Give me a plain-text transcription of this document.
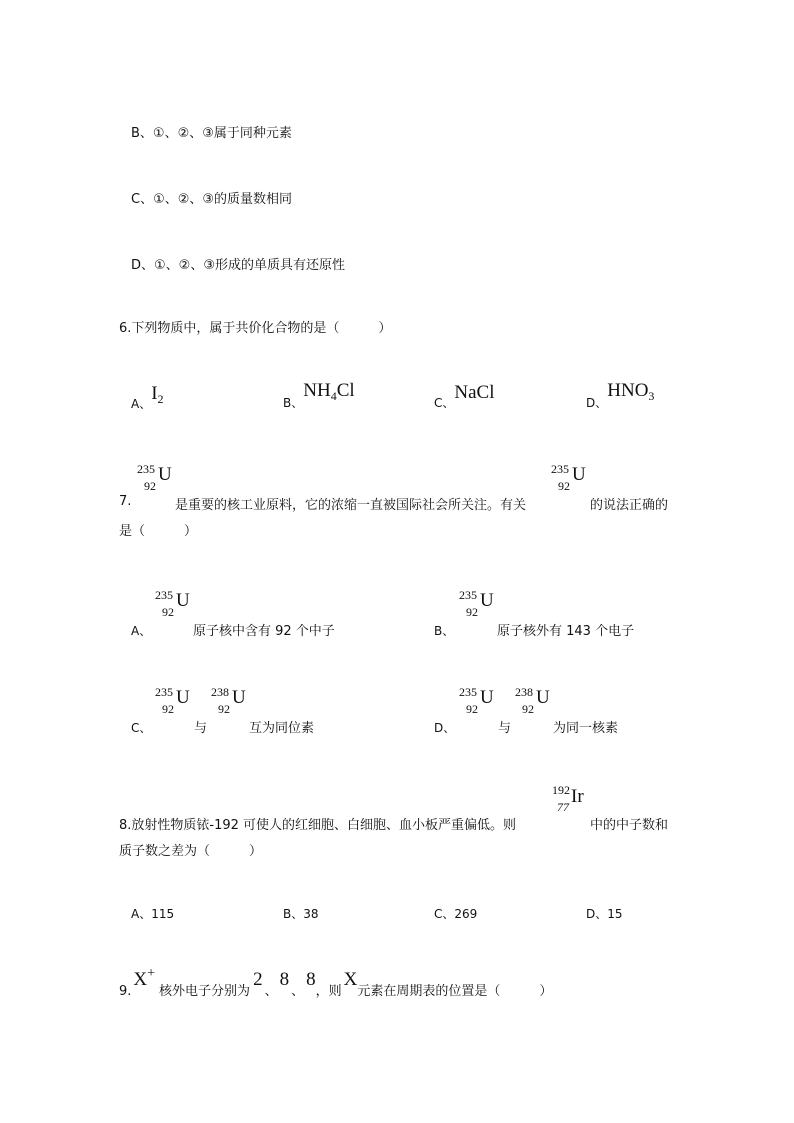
B、①、②、③属于同种元素
C、①、②、③的质量数相同
D、①、②、③形成的单质具有还原性
6.下列物质中，属于共价化合物的是（　　　）
A、I2	B、NH4Cl
C、NaCl	D、HNO3
235
92
U
7.	是重要的核工业原料，它的浓缩一直被国际社会所关注。有关
235
92
U
的说法正确的
是（　　　）
A、
235
92
U
原子核中含有 92 个中子	B、
235
92
U
原子核外有 143 个电子
C、
235
92
U
与
238
92
U
互为同位素	D、
235
92
U
与
238
92
U
为同一核素
192
77 Ir
8.放射性物质铱-192 可使人的红细胞、白细胞、血小板严重偏低。则	中的中子数和
质子数之差为（　　　）
A、115	B、38	C、269	D、15
9.X+核外电子分别为2、8、8，则X元素在周期表的位置是（　　　）
